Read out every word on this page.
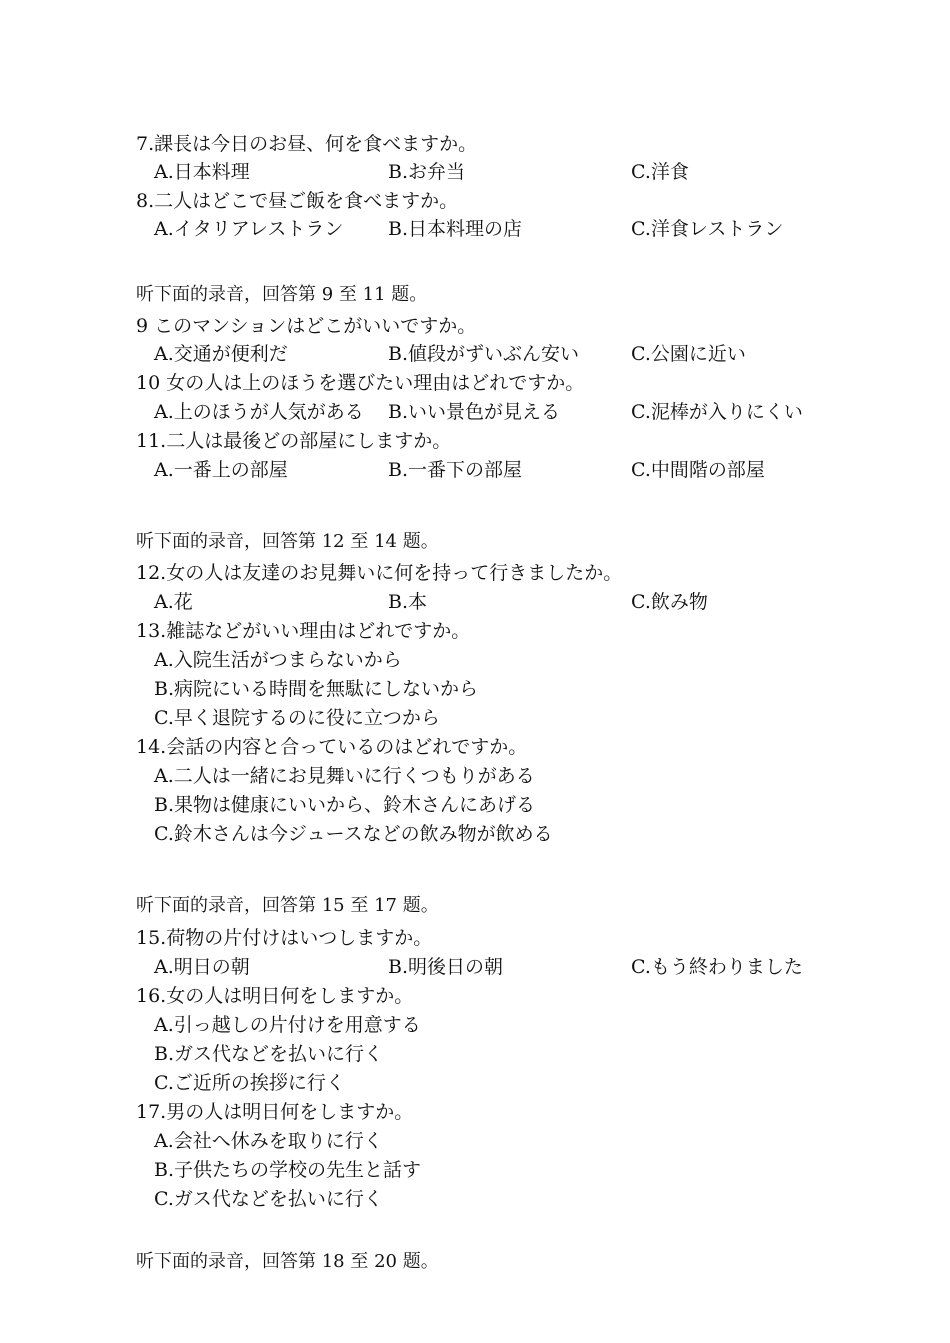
7.課長は今日のお昼、何を食べますか。
A.日本料理	B.お弁当	C.洋食
8.二人はどこで昼ご飯を食べますか。
A.イタリアレストラン B.日本料理の店	C.洋食レストラン
听下面的录音，回答第 9 至 11 题。
9 このマンションはどこがいいですか。
A.交通が便利だ	B.値段がずいぶん安い	C.公園に近い
10 女の人は上のほうを選びたい理由はどれですか。
A.上のほうが人気がある B.いい景色が見える	C.泥棒が入りにくい
11.二人は最後どの部屋にしますか。
A.一番上の部屋	B.一番下の部屋	C.中間階の部屋
听下面的录音，回答第 12 至 14 题。
12.女の人は友達のお見舞いに何を持って行きましたか。
A.花	B.本	C.飲み物
13.雑誌などがいい理由はどれですか。
A.入院生活がつまらないから
B.病院にいる時間を無駄にしないから
C.早く退院するのに役に立つから
14.会話の内容と合っているのはどれですか。
A.二人は一緒にお見舞いに行くつもりがある
B.果物は健康にいいから、鈴木さんにあげる
C.鈴木さんは今ジュースなどの飲み物が飲める
听下面的录音，回答第 15 至 17 题。
15.荷物の片付けはいつしますか。
A.明日の朝	B.明後日の朝	C.もう終わりました
16.女の人は明日何をしますか。
A.引っ越しの片付けを用意する
B.ガス代などを払いに行く
C.ご近所の挨拶に行く
17.男の人は明日何をしますか。
A.会社へ休みを取りに行く
B.子供たちの学校の先生と話す
C.ガス代などを払いに行く
听下面的录音，回答第 18 至 20 题。
